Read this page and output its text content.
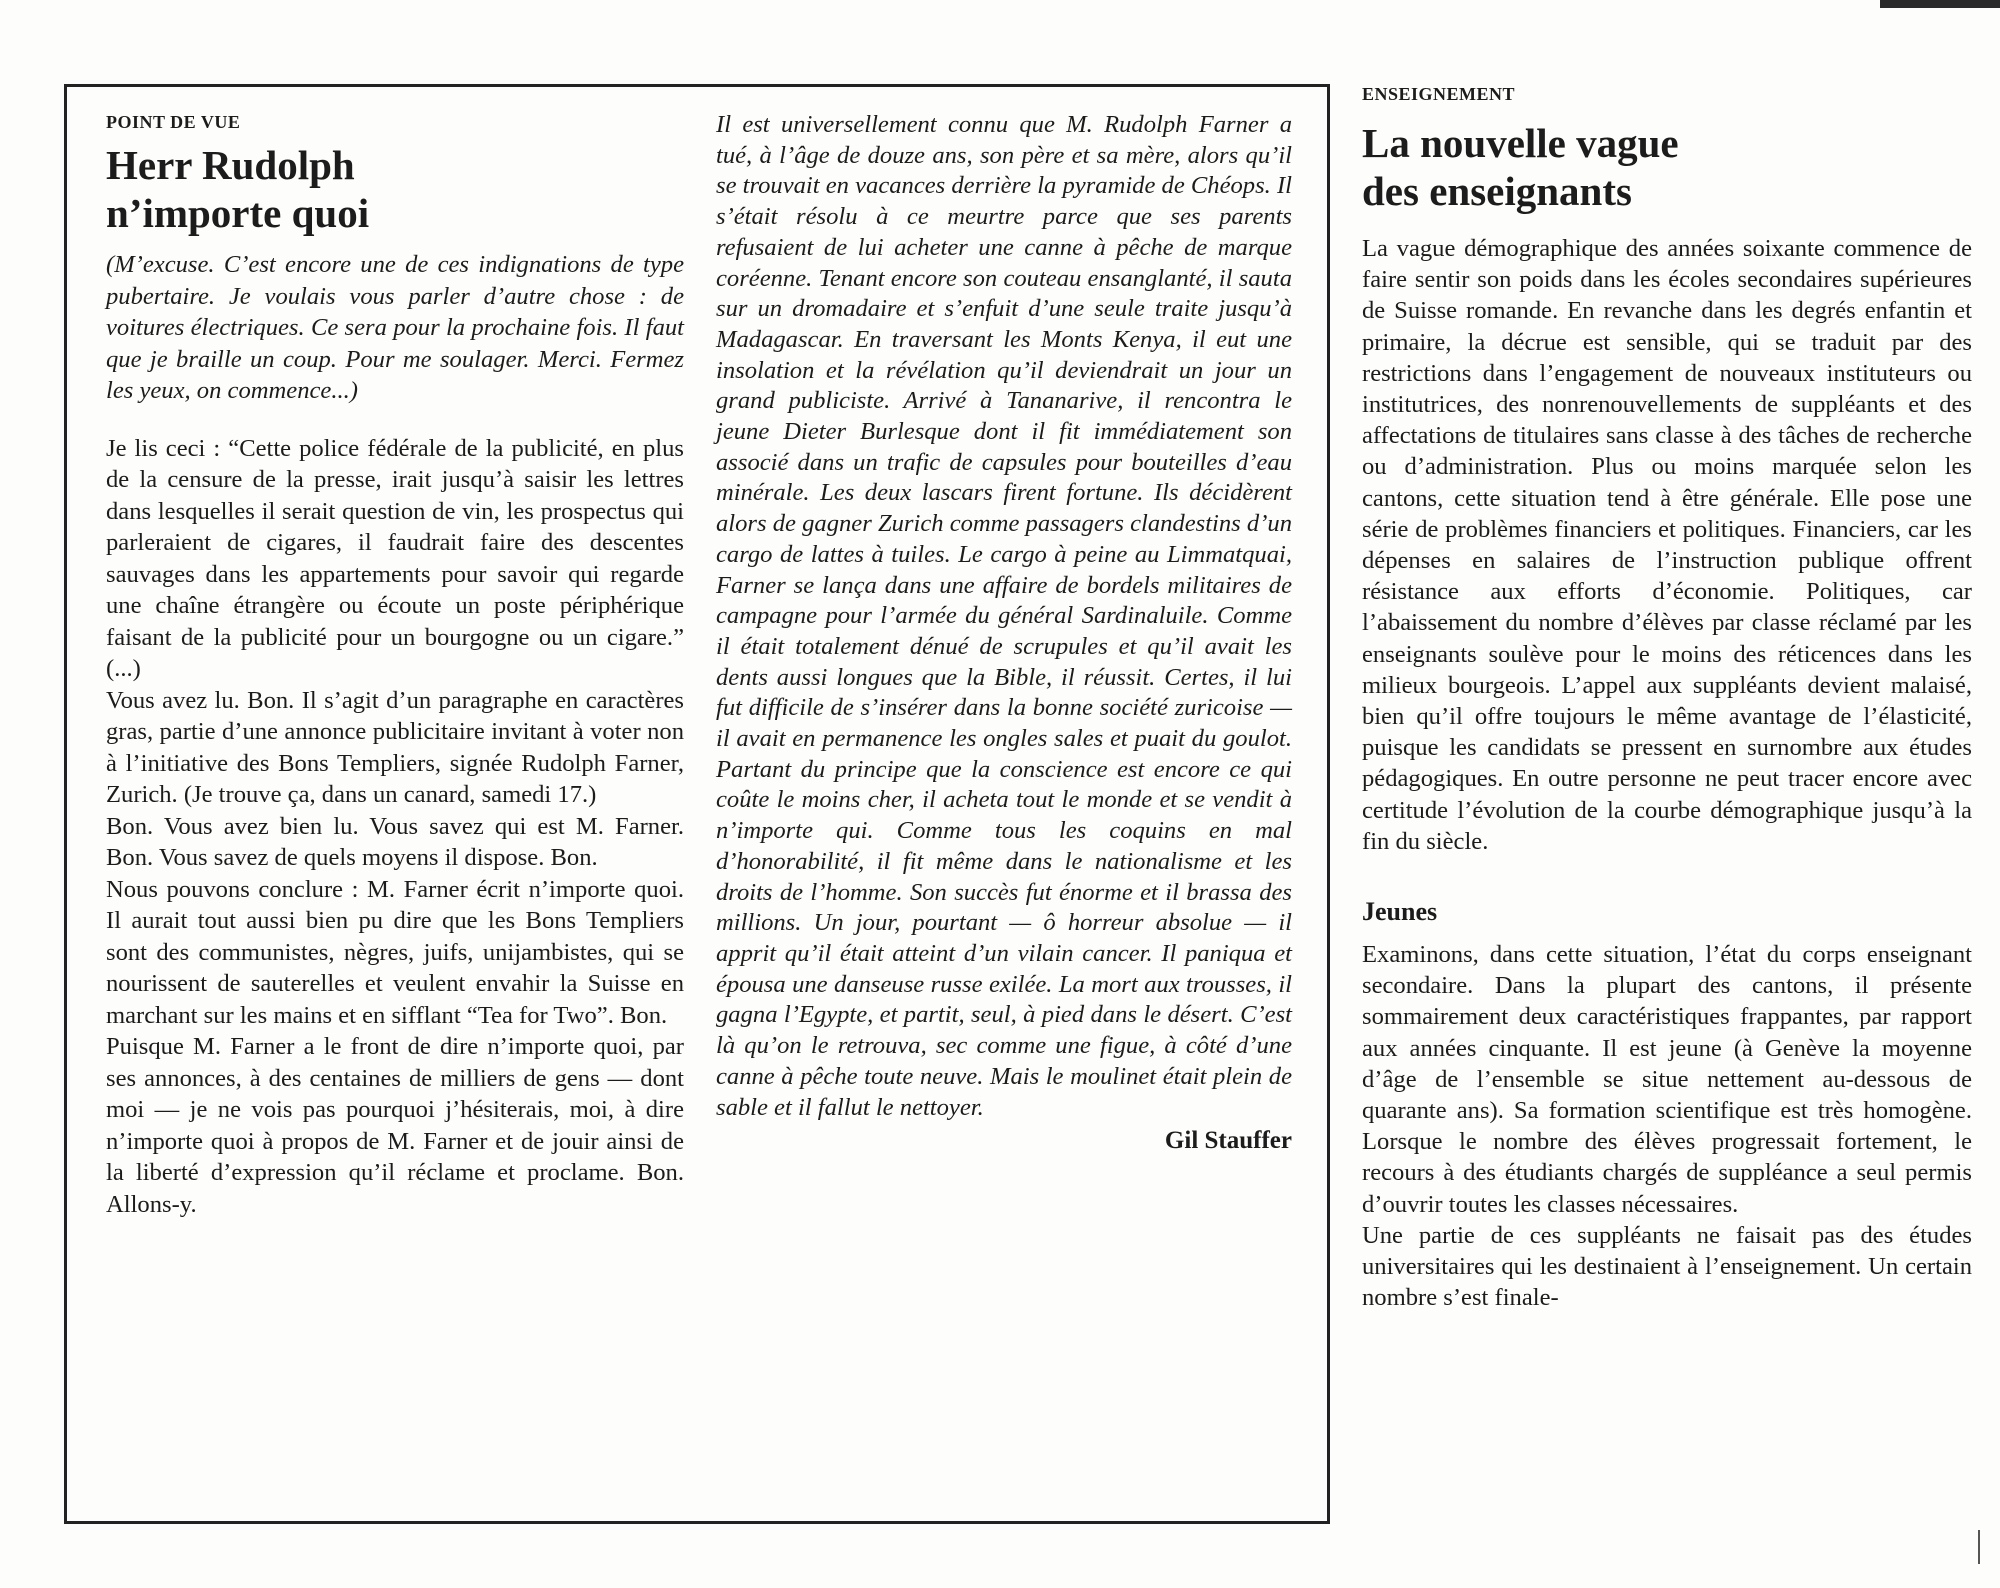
POINT DE VUE

Herr Rudolph
n’importe quoi

(M’excuse. C’est encore une de ces indignations de type pubertaire. Je voulais vous parler d’autre chose : de voitures électriques. Ce sera pour la prochaine fois. Il faut que je braille un coup. Pour me soulager. Merci. Fermez les yeux, on commence...)

Je lis ceci : “Cette police fédérale de la publicité, en plus de la censure de la presse, irait jusqu’à saisir les lettres dans lesquelles il serait question de vin, les prospectus qui parleraient de cigares, il faudrait faire des descentes sauvages dans les appartements pour savoir qui regarde une chaîne étrangère ou écoute un poste périphérique faisant de la publicité pour un bourgogne ou un cigare.” (...)

Vous avez lu. Bon. Il s’agit d’un paragraphe en caractères gras, partie d’une annonce publicitaire invitant à voter non à l’initiative des Bons Templiers, signée Rudolph Farner, Zurich. (Je trouve ça, dans un canard, samedi 17.)

Bon. Vous avez bien lu. Vous savez qui est M. Farner. Bon. Vous savez de quels moyens il dispose. Bon.

Nous pouvons conclure : M. Farner écrit n’importe quoi. Il aurait tout aussi bien pu dire que les Bons Templiers sont des communistes, nègres, juifs, unijambistes, qui se nourissent de sauterelles et veulent envahir la Suisse en marchant sur les mains et en sifflant “Tea for Two”. Bon.

Puisque M. Farner a le front de dire n’importe quoi, par ses annonces, à des centaines de milliers de gens — dont moi — je ne vois pas pourquoi j’hésiterais, moi, à dire n’importe quoi à propos de M. Farner et de jouir ainsi de la liberté d’expression qu’il réclame et proclame. Bon. Allons-y.

Il est universellement connu que M. Rudolph Farner a tué, à l’âge de douze ans, son père et sa mère, alors qu’il se trouvait en vacances derrière la pyramide de Chéops. Il s’était résolu à ce meurtre parce que ses parents refusaient de lui acheter une canne à pêche de marque coréenne. Tenant encore son couteau ensanglanté, il sauta sur un dromadaire et s’enfuit d’une seule traite jusqu’à Madagascar. En traversant les Monts Kenya, il eut une insolation et la révélation qu’il deviendrait un jour un grand publiciste. Arrivé à Tananarive, il rencontra le jeune Dieter Burlesque dont il fit immédiatement son associé dans un trafic de capsules pour bouteilles d’eau minérale. Les deux lascars firent fortune. Ils décidèrent alors de gagner Zurich comme passagers clandestins d’un cargo de lattes à tuiles. Le cargo à peine au Limmatquai, Farner se lança dans une affaire de bordels militaires de campagne pour l’armée du général Sardinaluile. Comme il était totalement dénué de scrupules et qu’il avait les dents aussi longues que la Bible, il réussit. Certes, il lui fut difficile de s’insérer dans la bonne société zuricoise — il avait en permanence les ongles sales et puait du goulot. Partant du principe que la conscience est encore ce qui coûte le moins cher, il acheta tout le monde et se vendit à n’importe qui. Comme tous les coquins en mal d’honorabilité, il fit même dans le nationalisme et les droits de l’homme. Son succès fut énorme et il brassa des millions. Un jour, pourtant — ô horreur absolue — il apprit qu’il était atteint d’un vilain cancer. Il paniqua et épousa une danseuse russe exilée. La mort aux trousses, il gagna l’Egypte, et partit, seul, à pied dans le désert. C’est là qu’on le retrouva, sec comme une figue, à côté d’une canne à pêche toute neuve. Mais le moulinet était plein de sable et il fallut le nettoyer.

Gil Stauffer

ENSEIGNEMENT

La nouvelle vague
des enseignants

La vague démographique des années soixante commence de faire sentir son poids dans les écoles secondaires supérieures de Suisse romande. En revanche dans les degrés enfantin et primaire, la décrue est sensible, qui se traduit par des restrictions dans l’engagement de nouveaux instituteurs ou institutrices, des nonrenouvellements de suppléants et des affectations de titulaires sans classe à des tâches de recherche ou d’administration. Plus ou moins marquée selon les cantons, cette situation tend à être générale. Elle pose une série de problèmes financiers et politiques. Financiers, car les dépenses en salaires de l’instruction publique offrent résistance aux efforts d’économie. Politiques, car l’abaissement du nombre d’élèves par classe réclamé par les enseignants soulève pour le moins des réticences dans les milieux bourgeois. L’appel aux suppléants devient malaisé, bien qu’il offre toujours le même avantage de l’élasticité, puisque les candidats se pressent en surnombre aux études pédagogiques. En outre personne ne peut tracer encore avec certitude l’évolution de la courbe démographique jusqu’à la fin du siècle.

Jeunes

Examinons, dans cette situation, l’état du corps enseignant secondaire. Dans la plupart des cantons, il présente sommairement deux caractéristiques frappantes, par rapport aux années cinquante. Il est jeune (à Genève la moyenne d’âge de l’ensemble se situe nettement au-dessous de quarante ans). Sa formation scientifique est très homogène. Lorsque le nombre des élèves progressait fortement, le recours à des étudiants chargés de suppléance a seul permis d’ouvrir toutes les classes nécessaires.

Une partie de ces suppléants ne faisait pas des études universitaires qui les destinaient à l’enseignement. Un certain nombre s’est finale-
